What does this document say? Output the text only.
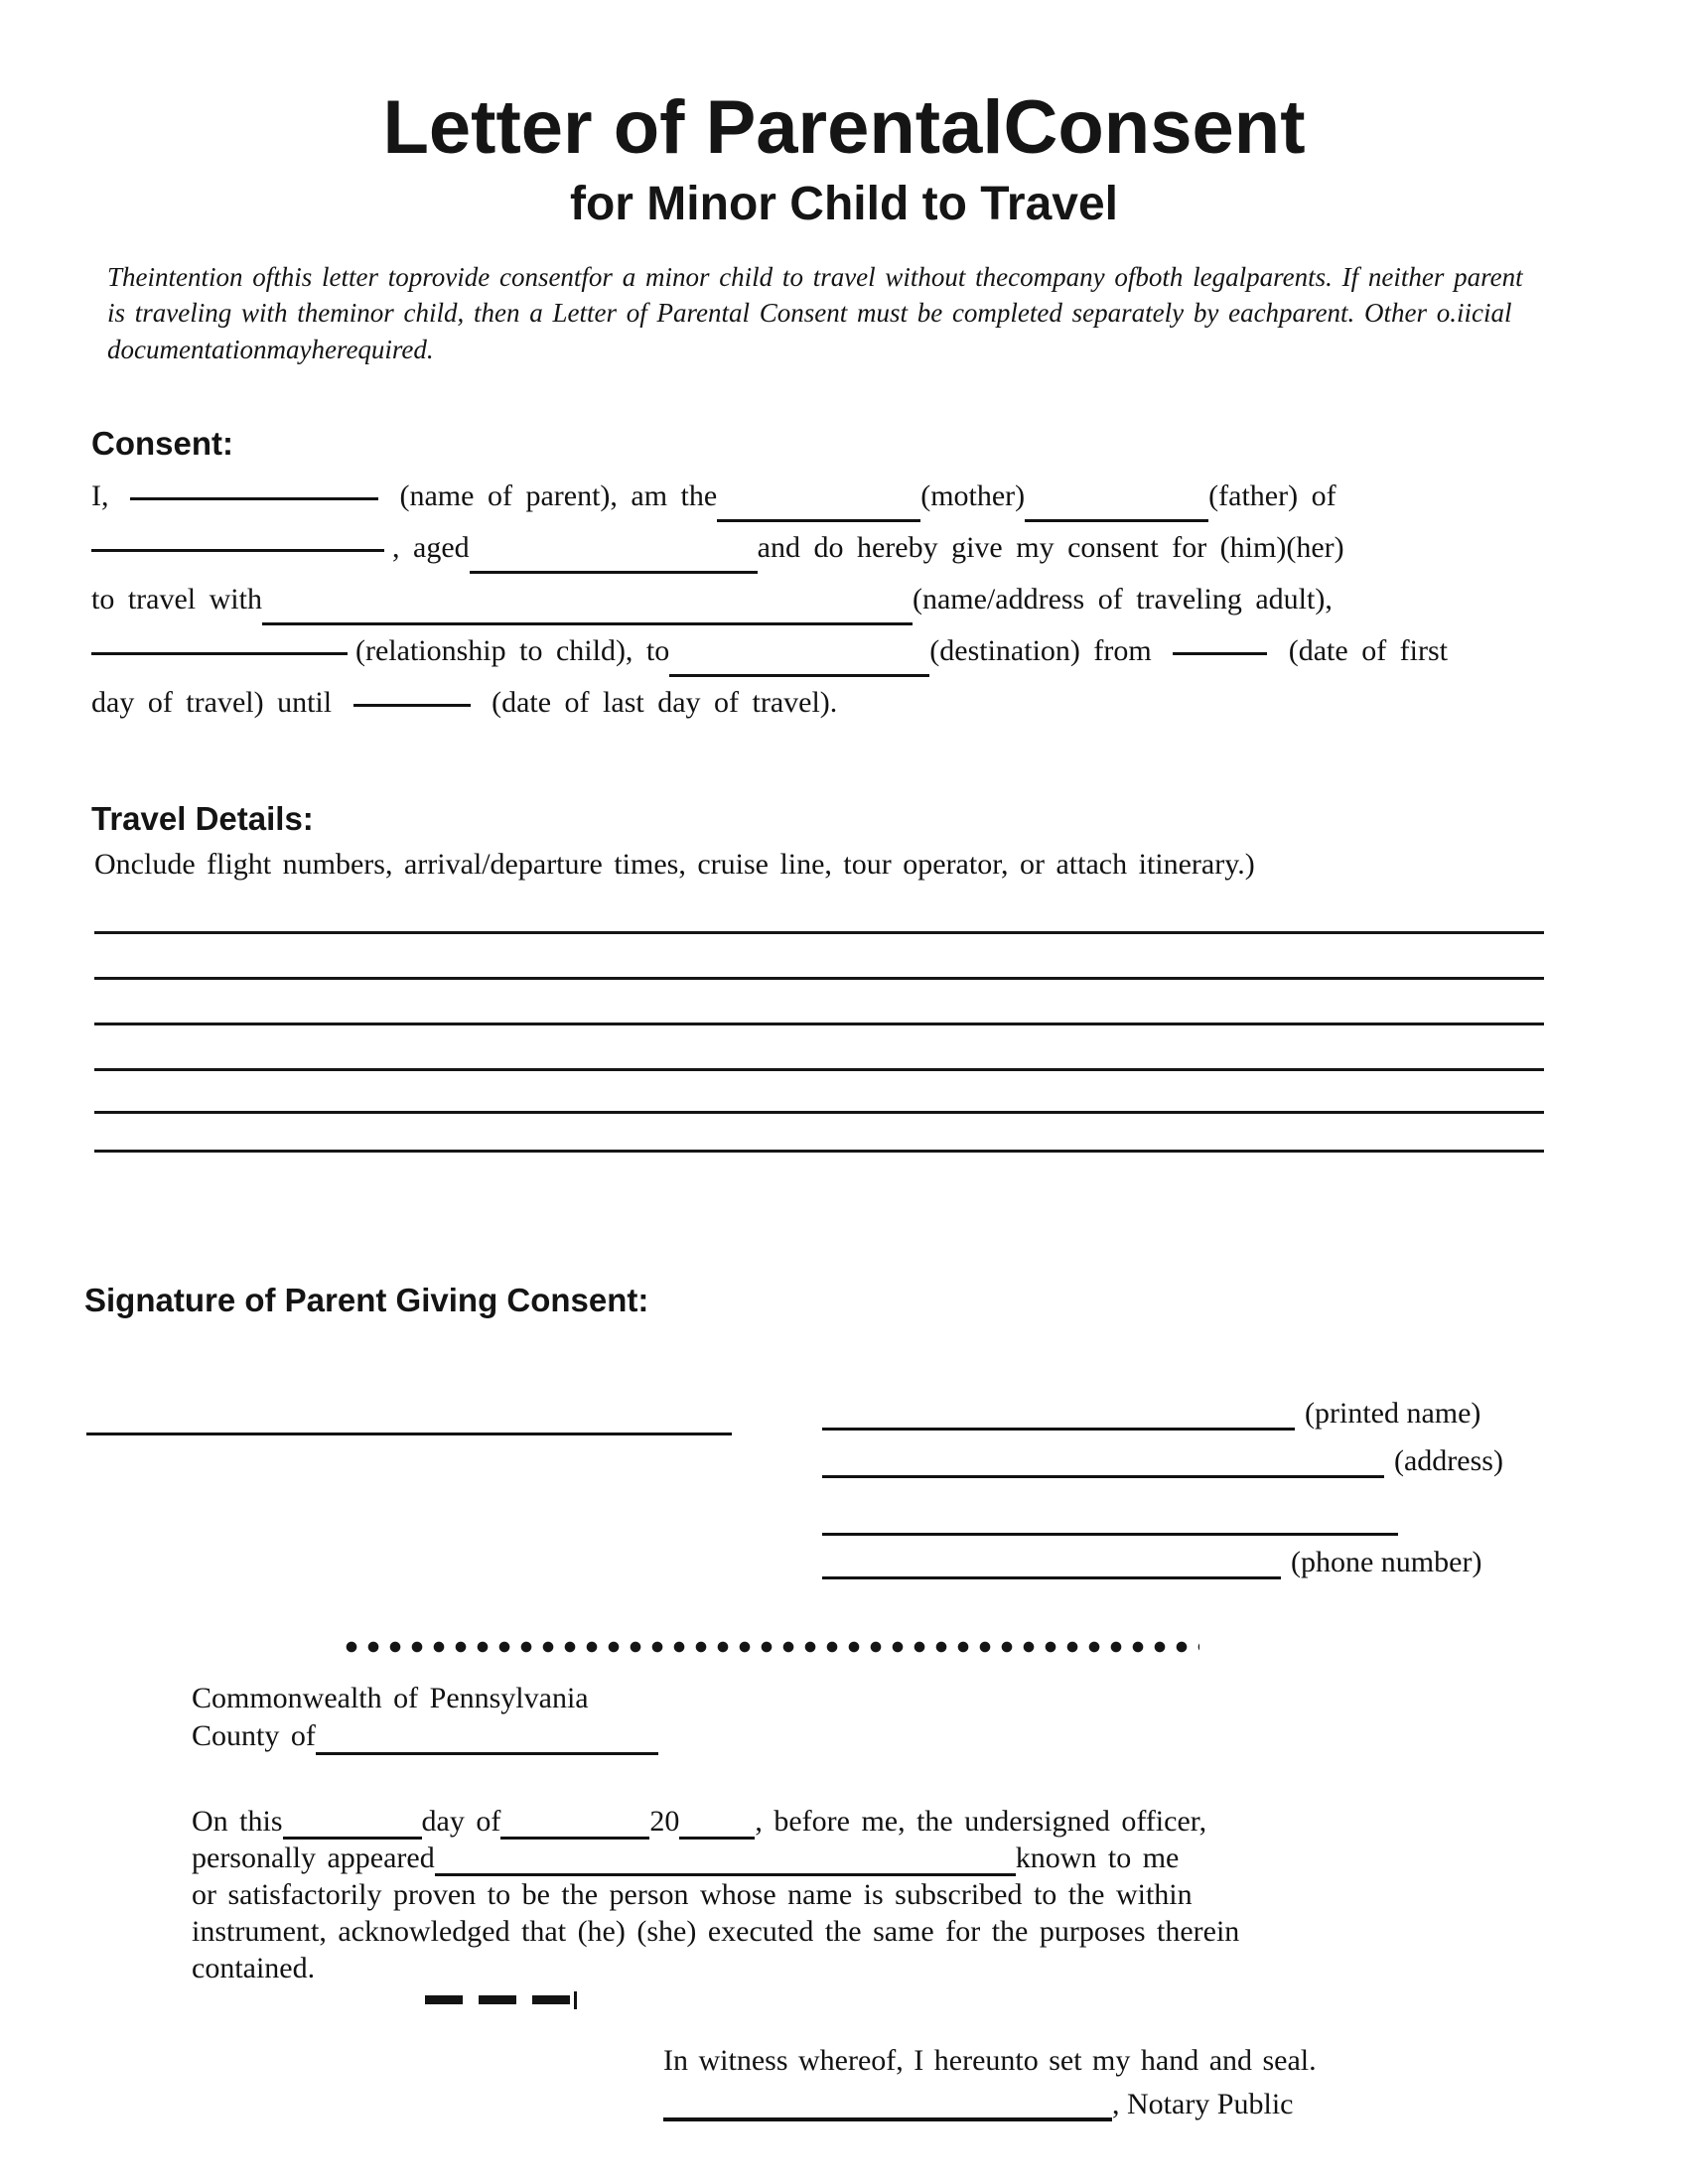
Letter of ParentalConsent
for Minor Child to Travel

Theintention ofthis letter toprovide consentfor a minor child to travel without thecompany ofboth legalparents. If neither parent is traveling with theminor child, then a Letter of Parental Consent must be completed separately by eachparent. Other o.iicial documentationmayherequired.

Consent:
I,	(name of parent), am the	(mother)	(father) of
, aged	and do hereby give my consent for (him)(her)
to travel with	(name/address of traveling adult),
(relationship to child), to	(destination) from	(date of first
day of travel) until	(date of last day of travel).
Travel Details:

Onclude flight numbers, arrival/departure times, cruise line, tour operator, or attach itinerary.)

Signature of Parent Giving Consent:
(printed name)
(address)
(phone number)
Commonwealth of Pennsylvania
County of
On this	day of	20	, before me, the undersigned officer,
personally appeared	known to me
or satisfactorily proven to be the person whose name is subscribed to the within
instrument, acknowledged that (he) (she) executed the same for the purposes therein
contained.
In witness whereof, I hereunto set my hand and seal.
, Notary Public
